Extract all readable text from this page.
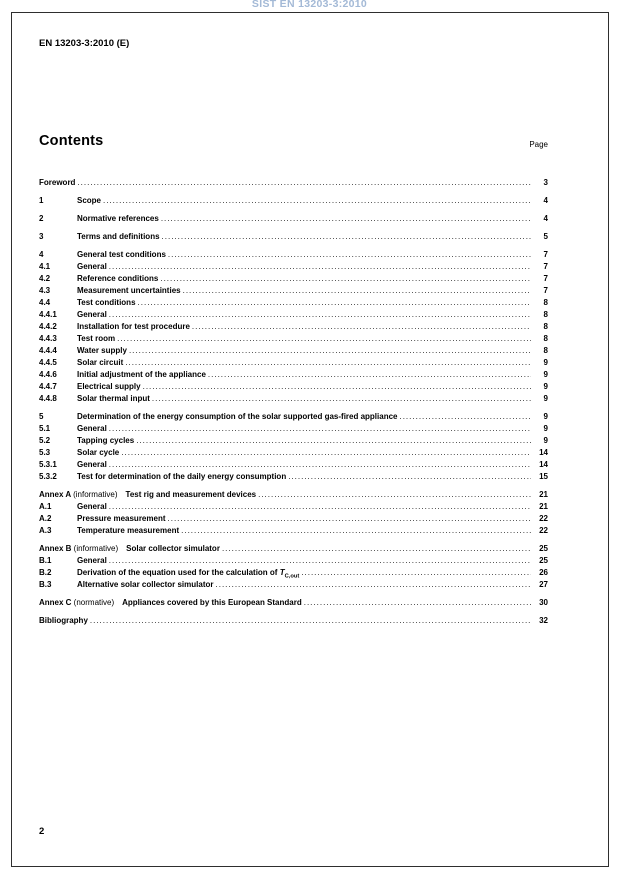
SIST EN 13203-3:2010
EN 13203-3:2010 (E)
Contents	Page
Foreword .....	3
1	Scope .....	4
2	Normative references .....	4
3	Terms and definitions .....	5
4	General test conditions .....	7
4.1	General .....	7
4.2	Reference conditions .....	7
4.3	Measurement uncertainties .....	7
4.4	Test conditions .....	8
4.4.1	General .....	8
4.4.2	Installation for test procedure .....	8
4.4.3	Test room .....	8
4.4.4	Water supply .....	8
4.4.5	Solar circuit .....	9
4.4.6	Initial adjustment of the appliance .....	9
4.4.7	Electrical supply .....	9
4.4.8	Solar thermal input .....	9
5	Determination of the energy consumption of the solar supported gas-fired appliance .....	9
5.1	General .....	9
5.2	Tapping cycles .....	9
5.3	Solar cycle .....	14
5.3.1	General .....	14
5.3.2	Test for determination of the daily energy consumption .....	15
Annex A (informative) Test rig and measurement devices .....	21
A.1	General .....	21
A.2	Pressure measurement .....	22
A.3	Temperature measurement .....	22
Annex B (informative) Solar collector simulator .....	25
B.1	General .....	25
B.2	Derivation of the equation used for the calculation of $T_{C,out}$ .....	26
B.3	Alternative solar collector simulator .....	27
Annex C (normative) Appliances covered by this European Standard .....	30
Bibliography .....	32
2
